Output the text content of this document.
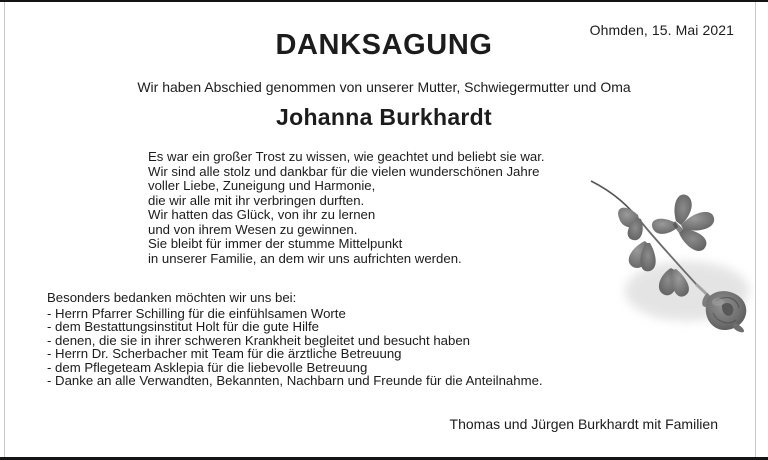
Ohmden, 15. Mai 2021
DANKSAGUNG
Wir haben Abschied genommen von unserer Mutter, Schwiegermutter und Oma
Johanna Burkhardt
Es war ein großer Trost zu wissen, wie geachtet und beliebt sie war.
Wir sind alle stolz und dankbar für die vielen wunderschönen Jahre
voller Liebe, Zuneigung und Harmonie,
die wir alle mit ihr verbringen durften.
Wir hatten das Glück, von ihr zu lernen
und von ihrem Wesen zu gewinnen.
Sie bleibt für immer der stumme Mittelpunkt
in unserer Familie, an dem wir uns aufrichten werden.
Besonders bedanken möchten wir uns bei:
- Herrn Pfarrer Schilling für die einfühlsamen Worte
- dem Bestattungsinstitut Holt für die gute Hilfe
- denen, die sie in ihrer schweren Krankheit begleitet und besucht haben
- Herrn Dr. Scherbacher mit Team für die ärztliche Betreuung
- dem Pflegeteam Asklepia für die liebevolle Betreuung
- Danke an alle Verwandten, Bekannten, Nachbarn und Freunde für die Anteilnahme.
Thomas und Jürgen Burkhardt mit Familien
